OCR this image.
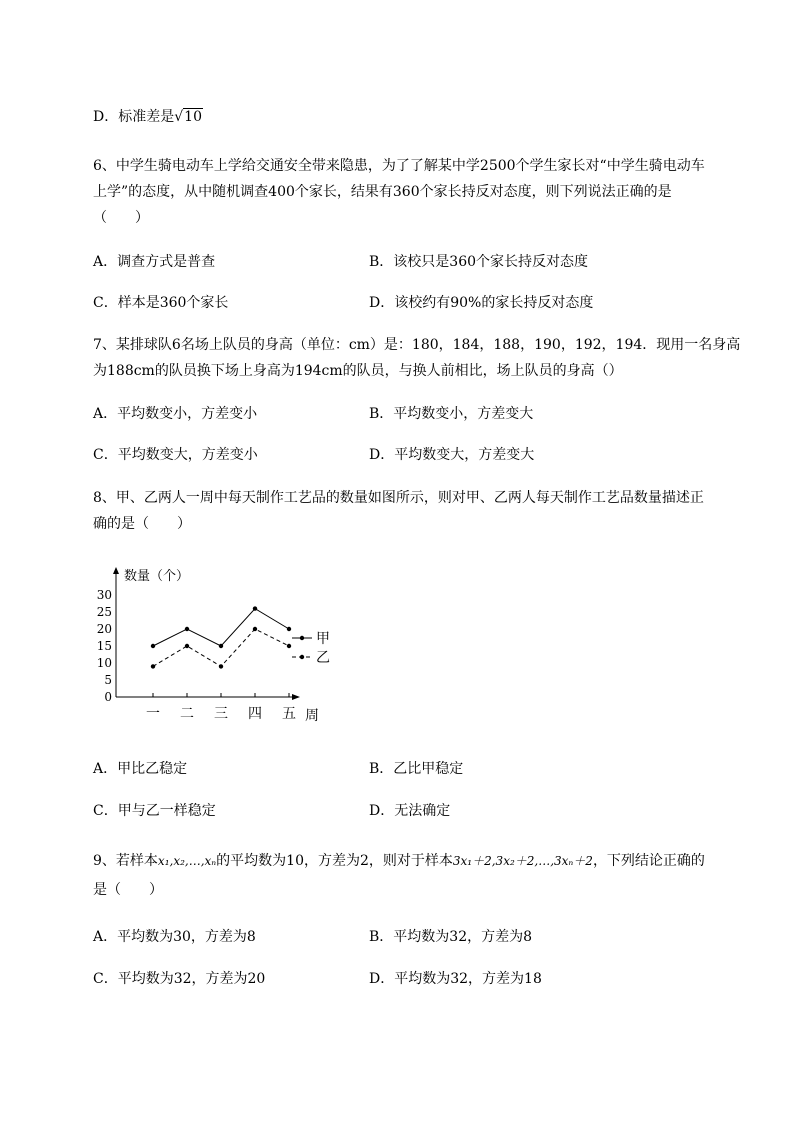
D．标准差是√10
6、中学生骑电动车上学给交通安全带来隐患，为了了解某中学2500个学生家长对“中学生骑电动车
上学”的态度，从中随机调查400个家长，结果有360个家长持反对态度，则下列说法正确的是
（　　）
A．调查方式是普查	B．该校只是360个家长持反对态度
C．样本是360个家长	D．该校约有90%的家长持反对态度
7、某排球队6名场上队员的身高（单位：cm）是：180，184，188，190，192，194．现用一名身高
为188cm的队员换下场上身高为194cm的队员，与换人前相比，场上队员的身高（）
A．平均数变小，方差变小	B．平均数变小，方差变大
C．平均数变大，方差变小	D．平均数变大，方差变大
8、甲、乙两人一周中每天制作工艺品的数量如图所示，则对甲、乙两人每天制作工艺品数量描述正
确的是（　　）
数量（个）
0
5
10
15
20
25
30
一 二 三 四 五 周
甲
乙
A．甲比乙稳定	B．乙比甲稳定
C．甲与乙一样稳定	D．无法确定
9、若样本x₁,x₂,…,xₙ的平均数为10，方差为2，则对于样本3x₁＋2,3x₂＋2,…,3xₙ＋2，下列结论正确的
是（　　）
A．平均数为30，方差为8	B．平均数为32，方差为8
C．平均数为32，方差为20	D．平均数为32，方差为18
